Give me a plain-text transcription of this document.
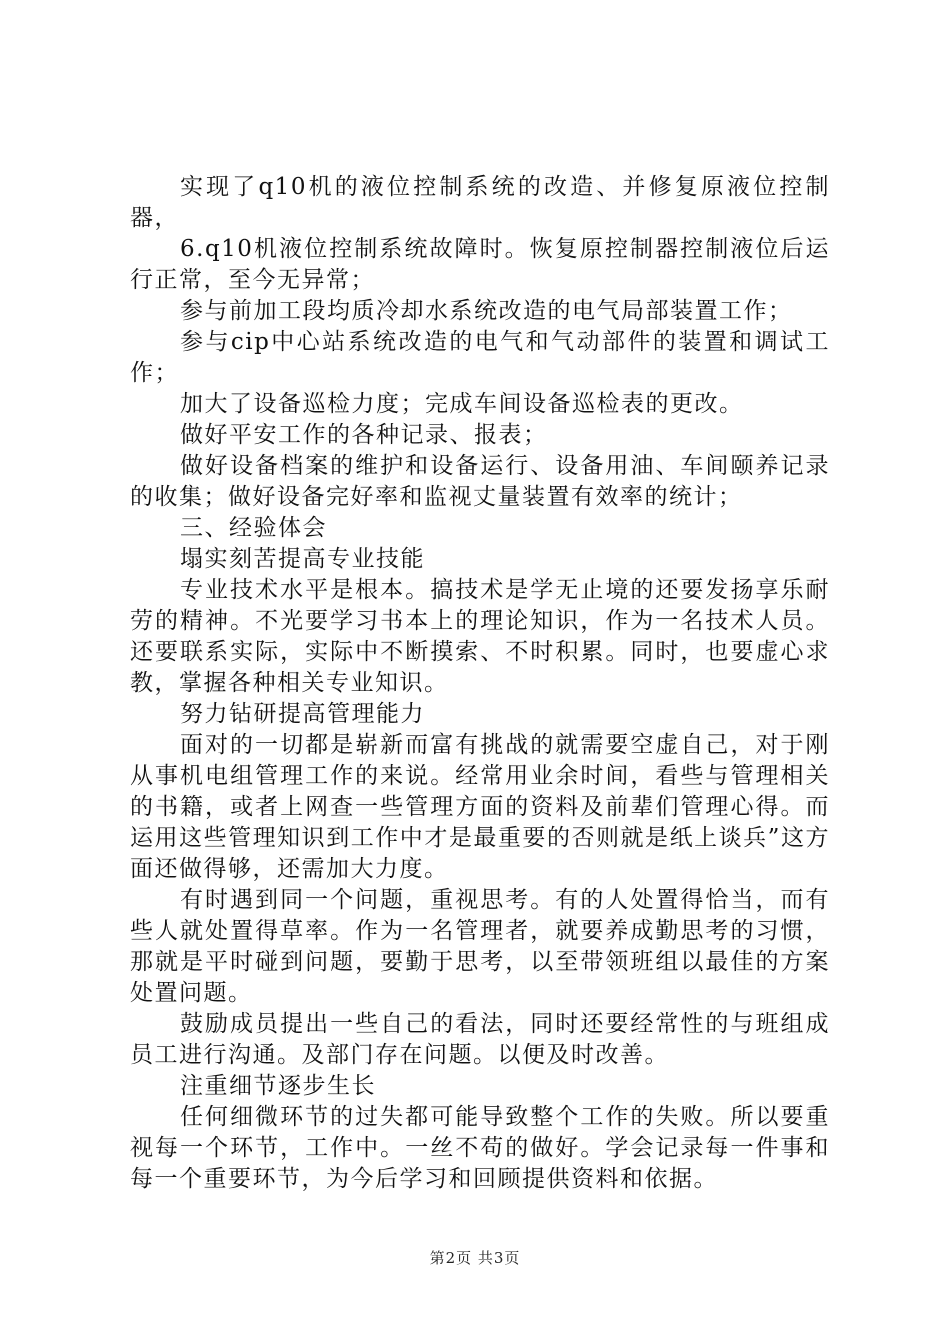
实现了q10机的液位控制系统的改造、并修复原液位控制器，

6.q10机液位控制系统故障时。恢复原控制器控制液位后运行正常，至今无异常；

参与前加工段均质冷却水系统改造的电气局部装置工作；

参与cip中心站系统改造的电气和气动部件的装置和调试工作；

加大了设备巡检力度；完成车间设备巡检表的更改。

做好平安工作的各种记录、报表；

做好设备档案的维护和设备运行、设备用油、车间颐养记录的收集；做好设备完好率和监视丈量装置有效率的统计；

三、经验体会

塌实刻苦提高专业技能

专业技术水平是根本。搞技术是学无止境的还要发扬享乐耐劳的精神。不光要学习书本上的理论知识，作为一名技术人员。还要联系实际，实际中不断摸索、不时积累。同时，也要虚心求教，掌握各种相关专业知识。

努力钻研提高管理能力

面对的一切都是崭新而富有挑战的就需要空虚自己，对于刚从事机电组管理工作的来说。经常用业余时间，看些与管理相关的书籍，或者上网查一些管理方面的资料及前辈们管理心得。而运用这些管理知识到工作中才是最重要的否则就是纸上谈兵”这方面还做得够，还需加大力度。

有时遇到同一个问题，重视思考。有的人处置得恰当，而有些人就处置得草率。作为一名管理者，就要养成勤思考的习惯，那就是平时碰到问题，要勤于思考，以至带领班组以最佳的方案处置问题。

鼓励成员提出一些自己的看法，同时还要经常性的与班组成员工进行沟通。及部门存在问题。以便及时改善。

注重细节逐步生长

任何细微环节的过失都可能导致整个工作的失败。所以要重视每一个环节，工作中。一丝不苟的做好。学会记录每一件事和每一个重要环节，为今后学习和回顾提供资料和依据。

第2页 共3页
